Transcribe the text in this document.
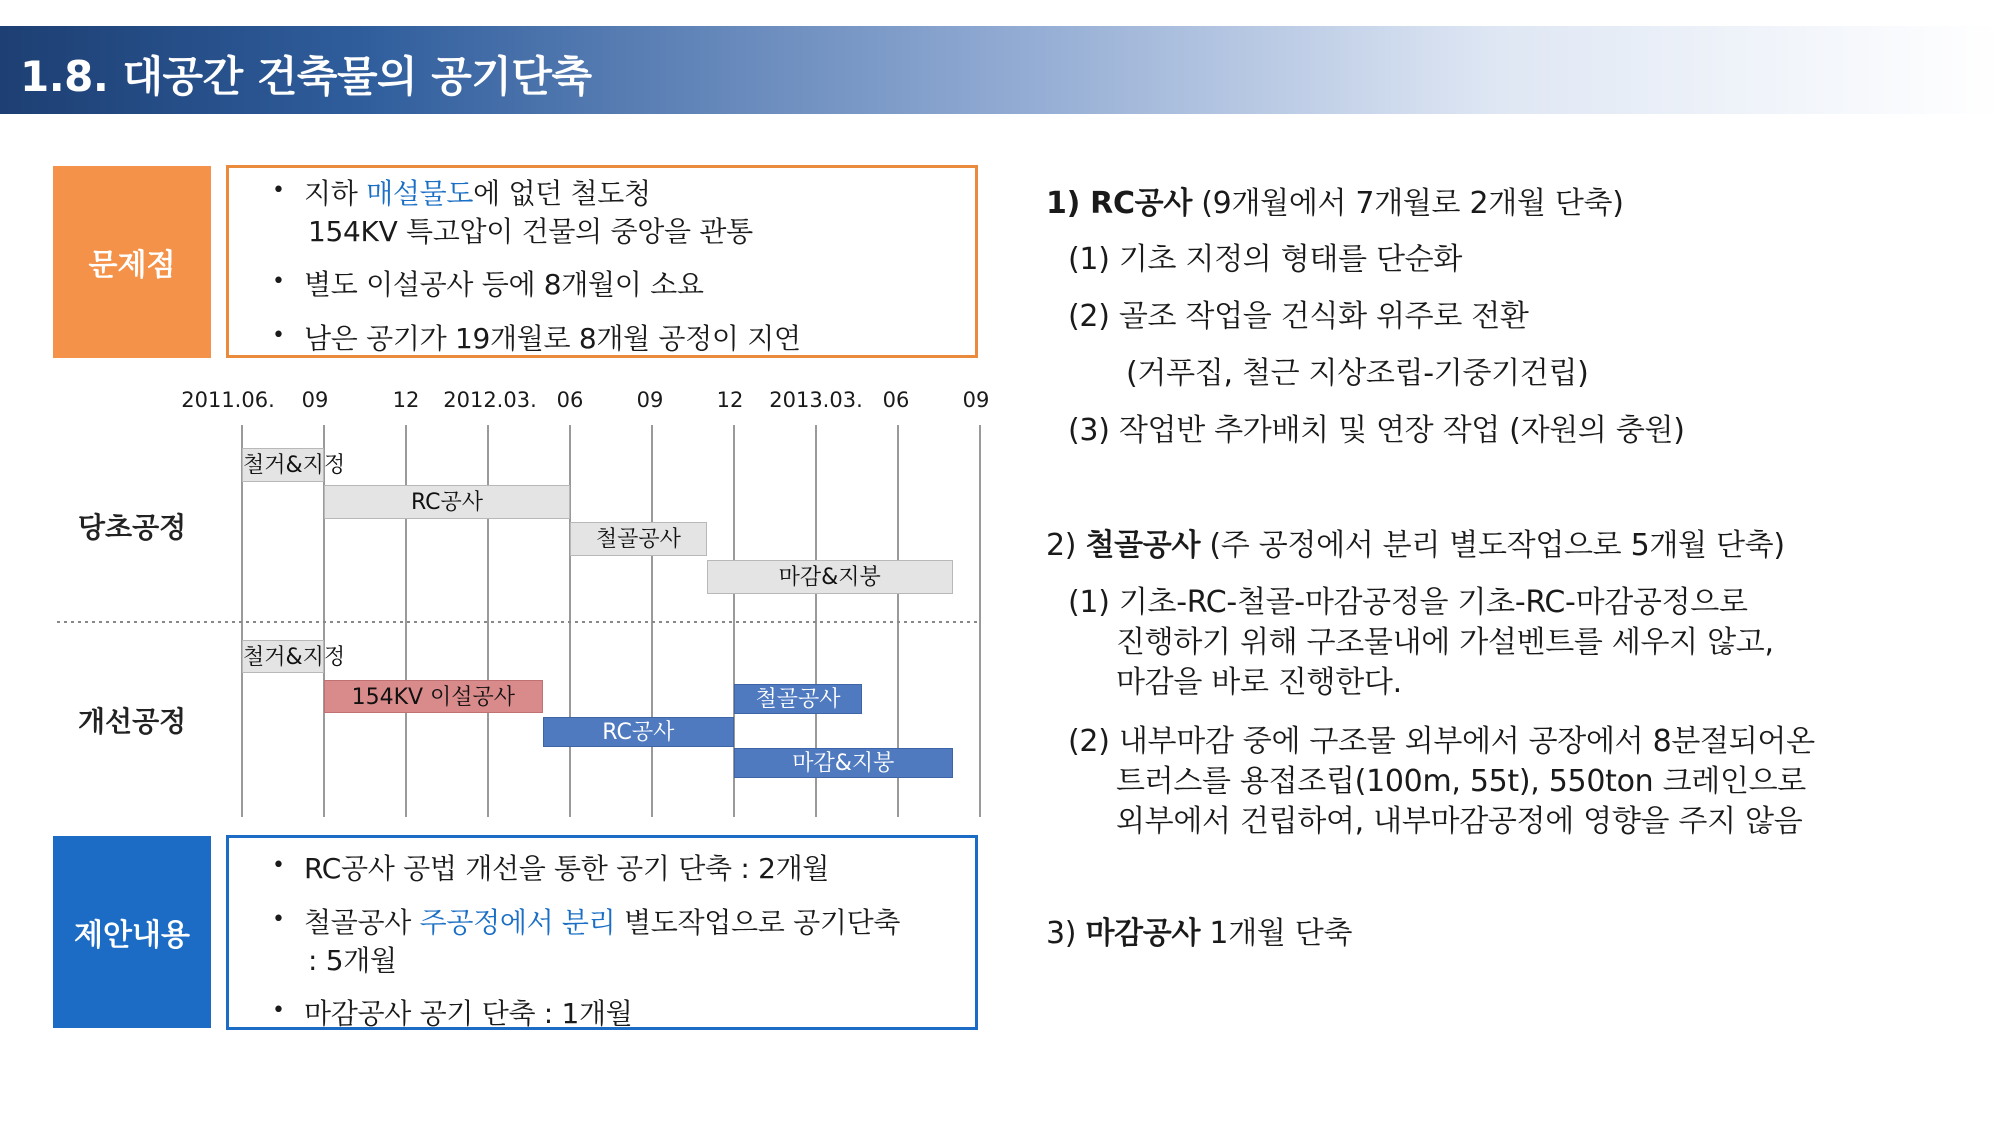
1.8. 대공간 건축물의 공기단축
문제점
• 지하 매설물도에 없던 철도청
154KV 특고압이 건물의 중앙을 관통
• 별도 이설공사 등에 8개월이 소요
• 남은 공기가 19개월로 8개월 공정이 지연
2011.06. 09	12 2012.03. 06	09	12 2013.03. 06	09
철거&지정
RC공사
철골공사
마감&지붕
철거&지정
154KV 이설공사
RC공사
철골공사
마감&지붕
당초공정
개선공정
제안내용
• RC공사 공법 개선을 통한 공기 단축 : 2개월
• 철골공사 주공정에서 분리 별도작업으로 공기단축
: 5개월
• 마감공사 공기 단축 : 1개월
1) RC공사 (9개월에서 7개월로 2개월 단축)
(1) 기초 지정의 형태를 단순화
(2) 골조 작업을 건식화 위주로 전환
(거푸집, 철근 지상조립-기중기건립)
(3) 작업반 추가배치 및 연장 작업 (자원의 충원)
2) 철골공사 (주 공정에서 분리 별도작업으로 5개월 단축)
(1) 기초-RC-철골-마감공정을 기초-RC-마감공정으로
진행하기 위해 구조물내에 가설벤트를 세우지 않고,
마감을 바로 진행한다.
(2) 내부마감 중에 구조물 외부에서 공장에서 8분절되어온
트러스를 용접조립(100m, 55t), 550ton 크레인으로
외부에서 건립하여, 내부마감공정에 영향을 주지 않음
3) 마감공사 1개월 단축
